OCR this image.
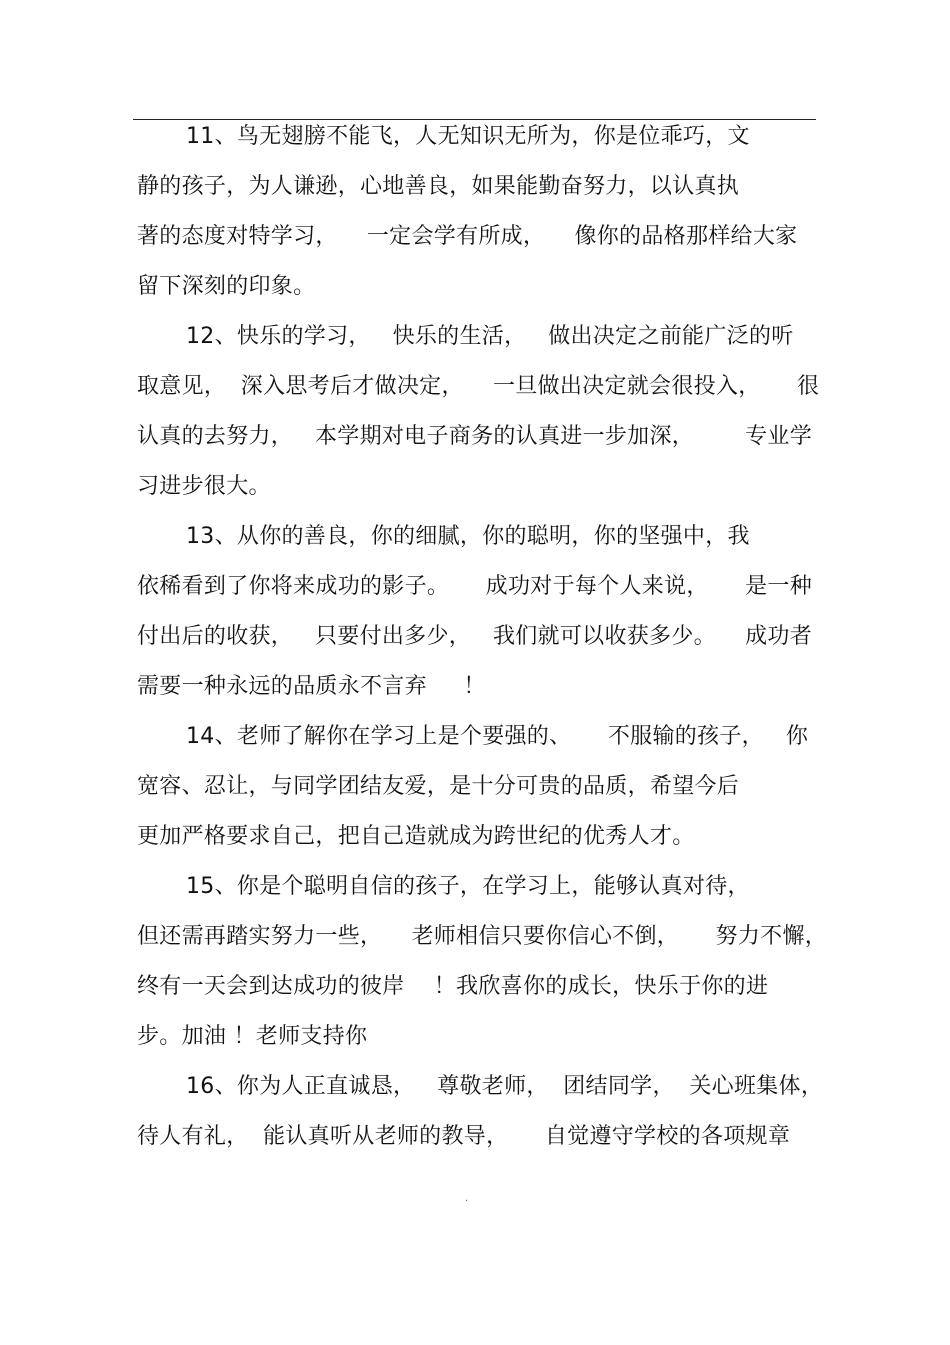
11、鸟无翅膀不能飞，人无知识无所为，你是位乖巧，文
静的孩子，为人谦逊，心地善良，如果能勤奋努力，以认真执
著的态度对特学习，    一定会学有所成，    像你的品格那样给大家
留下深刻的印象。
12、快乐的学习，   快乐的生活，   做出决定之前能广泛的听
取意见，  深入思考后才做决定，    一旦做出决定就会很投入，     很
认真的去努力，   本学期对电子商务的认真进一步加深，       专业学
习进步很大。
13、从你的善良，你的细腻，你的聪明，你的坚强中，我
依稀看到了你将来成功的影子。     成功对于每个人来说，     是一种
付出后的收获，   只要付出多少，   我们就可以收获多少。    成功者
需要一种永远的品质永不言弃     ！
14、老师了解你在学习上是个要强的、     不服输的孩子，   你
宽容、忍让，与同学团结友爱，是十分可贵的品质，希望今后
更加严格要求自己，把自己造就成为跨世纪的优秀人才。
15、你是个聪明自信的孩子，在学习上，能够认真对待，
但还需再踏实努力一些，    老师相信只要你信心不倒，     努力不懈，
终有一天会到达成功的彼岸    ！我欣喜你的成长，快乐于你的进
步。加油 ！老师支持你
16、你为人正直诚恳，   尊敬老师，  团结同学，  关心班集体，
待人有礼，  能认真听从老师的教导，     自觉遵守学校的各项规章
.
